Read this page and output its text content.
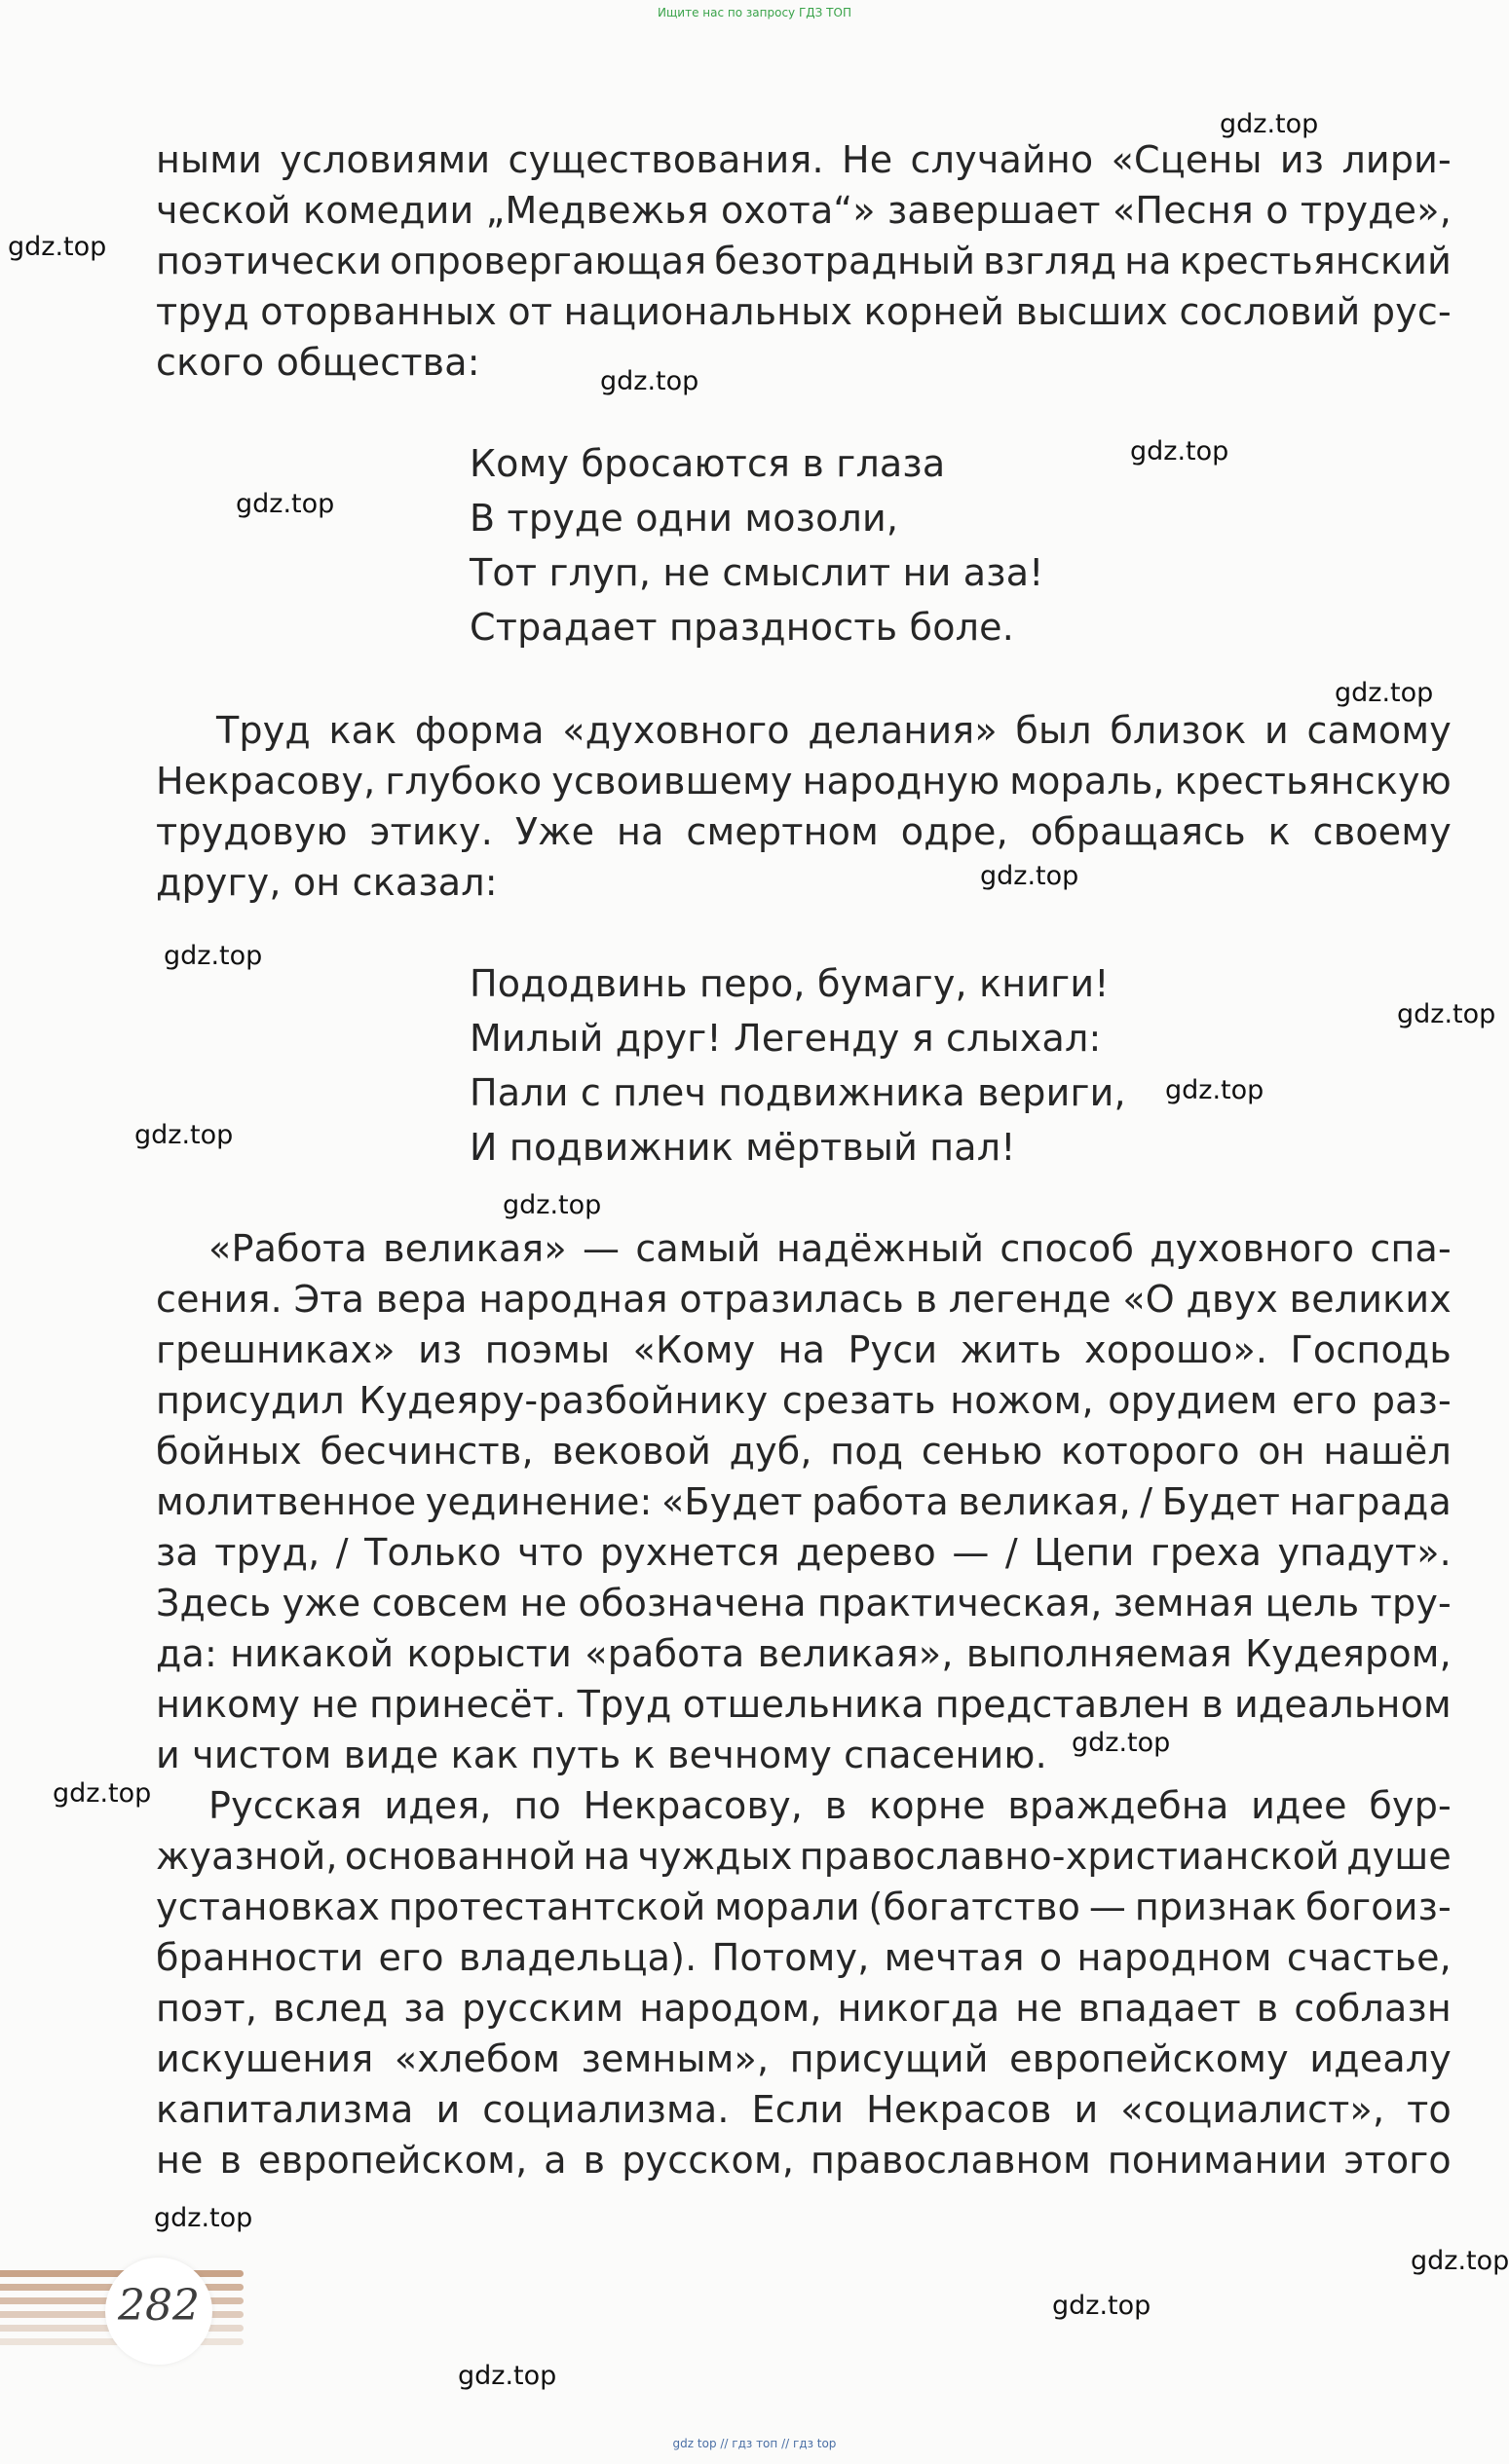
Ищите нас по запросу ГДЗ ТОП
ными условиями существования. Не случайно «Сцены из лири-
ческой комедии „Медвежья охота“» завершает «Песня о труде»,
поэтически опровергающая безотрадный взгляд на крестьянский
труд оторванных от национальных корней высших сословий рус-
ского общества:
Кому бросаются в глаза
В труде одни мозоли,
Тот глуп, не смыслит ни аза!
Страдает праздность боле.
Труд как форма «духовного делания» был близок и самому
Некрасову, глубоко усвоившему народную мораль, крестьянскую
трудовую этику. Уже на смертном одре, обращаясь к своему
другу, он сказал:
Пододвинь перо, бумагу, книги!
Милый друг! Легенду я слыхал:
Пали с плеч подвижника вериги,
И подвижник мёртвый пал!
«Работа великая» — самый надёжный способ духовного спа-
сения. Эта вера народная отразилась в легенде «О двух великих
грешниках» из поэмы «Кому на Руси жить хорошо». Господь
присудил Кудеяру-разбойнику срезать ножом, орудием его раз-
бойных бесчинств, вековой дуб, под сенью которого он нашёл
молитвенное уединение: «Будет работа великая, / Будет награда
за труд, / Только что рухнется дерево — / Цепи греха упадут».
Здесь уже совсем не обозначена практическая, земная цель тру-
да: никакой корысти «работа великая», выполняемая Кудеяром,
никому не принесёт. Труд отшельника представлен в идеальном
и чистом виде как путь к вечному спасению.
Русская идея, по Некрасову, в корне враждебна идее бур-
жуазной, основанной на чуждых православно-христианской душе
установках протестантской морали (богатство — признак богоиз-
бранности его владельца). Потому, мечтая о народном счастье,
поэт, вслед за русским народом, никогда не впадает в соблазн
искушения «хлебом земным», присущий европейскому идеалу
капитализма и социализма. Если Некрасов и «социалист», то
не в европейском, а в русском, православном понимании этого
282
gdz.top
gdz.top
gdz.top
gdz.top
gdz.top
gdz.top
gdz.top
gdz.top
gdz.top
gdz.top
gdz.top
gdz.top
gdz.top
gdz.top
gdz.top
gdz.top
gdz.top
gdz.top
gdz top // гдз топ // гдз top
